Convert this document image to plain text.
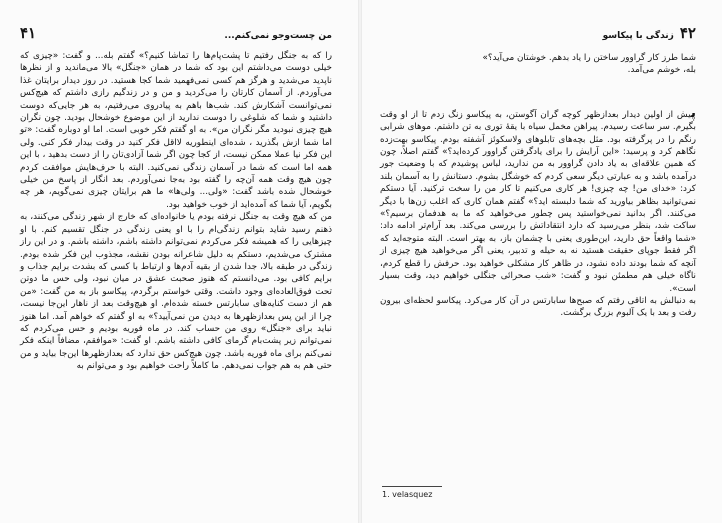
من چست‌وجو نمی‌کنم...
۴۱

را که به جنگل رفتیم تا پشت‌پام‌ها را تماشا کنیم؟» گفتم بله... و گفت: «چیزی که خیلی دوست می‌داشتم این بود که شما در همان «جنگل» بالا می‌ماندید و از نظرها ناپدید می‌شدید و هرگز هم کسی نمی‌فهمید شما کجا هستید. در روز دیدار برایتان غذا می‌آوردم. از آسمان کارتان را می‌کردید و من و در زندگیم رازی داشتم که هیچ‌کس نمی‌توانست آشکارش کند. شب‌ها باهم به پیادروی می‌رفتیم، به هر جایی‌که دوست داشتید و شما که شلوغی را دوست ندارید از این موضوع خوشحال بودید. چون نگران هیچ چیزی نبودید مگر نگران من». به او گفتم فکر خوبی است. اما او دوباره گفت: «تو اما شما ازش بگذرید ، شده‌ای اینطوریه لااقل فکر کنید در وقت بیدار فکر کنی. ولی این فکر نیا عملا ممکن نیست، از کجا چون اگر شما آزادی‌تان را از دست بدهید ، با این همه اما است که شما در آسمان زندگی نمی‌کنید. البته با حرف‌هایش موافقت کردم چون هیچ وقت همه آن‌چه را گفته بود به‌جا نمی‌آوردم. بعد انگار از پاسخ من خیلی خوشحال شده باشد گفت: «ولی... ولی‌ها» ما هم برایتان چیزی نمی‌گویم، هر چه بگویم، آیا شما که آمده‌اید از خوب خواهید بود.

من که هیچ وقت به جنگل نرفته بودم یا خانواده‌ای که خارج از شهر زندگی می‌کنند، به ذهنم رسید شاید بتوانم زندگی‌ام را با او یعنی زندگی در جنگل تقسیم کنم. با او چیزهایی را که همیشه فکر می‌کردم نمی‌توانم داشته باشم، داشته باشم. و در این راز مشترک می‌شدیم، دستکم به دلیل شاعرانه بودن نقشه، مجذوب این فکر شده بودم. زندگی در طبقه بالا، جدا شدن از بقیه آدم‌ها و ارتباط با کسی که بشدت برایم جذاب و برایم کافی بود. می‌دانستم که هنوز صحبت عشق در میان نبود، ولی حس ما دوتن تحت فوق‌العاده‌ای وجود داشت. وقتی خواستم برگردم، پیکاسو باز به من گفت: «من هم از دست کنایه‌های سابارتس خسته شده‌ام. او هیچ‌وقت بعد از ناهار این‌جا نیست، چرا از این پس بعدازظهرها به دیدن من نمی‌آیید؟» به او گفتم که خواهم آمد. اما هنوز نباید برای «جنگل» روی من حساب کند. در ماه فوریه بودیم و حس می‌کردم که نمی‌توانم زیر پشت‌بام گرمای کافی داشته باشم. او گفت: «موافقم، مضافاً اینکه فکر نمی‌کنم برای ماه فوریه باشد. چون هیچ‌کس حق ندارد که بعدازظهرها این‌جا بیاید و من حتی هم به هم جواب نمی‌دهم. ما کاملاً راحت خواهیم بود و می‌توانم به

۴۲
زندگی با پیکاسو

شما طرز کار گراوور ساختن را یاد بدهم. خوشتان می‌آید؟»

بله، خوشم می‌آمد.

پیش از اولین دیدار بعدازظهر کوچه گران آگوستن، به پیکاسو زنگ زدم تا از او وقت بگیرم. سر ساعت رسیدم. پیراهن مخمل سیاه با یقهٔ توری به تن داشتم. موهای شرابی رنگم را در پرگرفته بود. مثل بچه‌های تابلوهای ولاسکوئز آشفته بودم. پیکاسو بهت‌زده نگاهم کرد و پرسید: «این آرایش را برای یادگرفتن گراوور کرده‌اید؟» گفتم اصلاً، چون که همین علاقه‌ای به یاد دادن گراوور به من ندارید، لباس پوشیدم که با وضعیت جور درآمده باشد و به عبارتی دیگر سعی کردم که خوشگل بشوم. دستانش را به آسمان بلند کرد: «خدای من! چه چیزی! هر کاری می‌کنیم تا کار من را سخت ترکنید. آیا دستکم نمی‌توانید بظاهر بیاورید که شما دلبسته ‌اید؟» گفتم همان کاری که اغلب زن‌ها با دیگر می‌کنند. اگر بدانید نمی‌خواستید پس چطور می‌خواهید که ما به هدفمان برسیم؟» ساکت شد، بنظر می‌رسید که دارد انتقاداتش را بررسی می‌کند. بعد آرام‌تر ادامه داد: «شما واقعاً حق دارید، این‌طوری یعنی با چشمان باز، به بهتر است. البته متوجه‌اید که اگر فقط جوپای حقیقت هستید نه به حیله و تدبیر، یعنی اگر می‌خواهید هیچ چیزی از آنچه که شما بودند داده نشود، در ظاهر کار مشکلی خواهید بود. حرفش را قطع کردم، ناگاه خیلی هم مطمئن نبود و گفت: «شب صحرائی جنگلی خواهیم دید، وقت بسیار است».

به دنبالش به اتاقی رفتم که صبح‌ها سابارتس در آن کار می‌کرد. پیکاسو لحظه‌ای بیرون رفت و بعد با یک آلبوم بزرگ برگشت.

1. velasquez
